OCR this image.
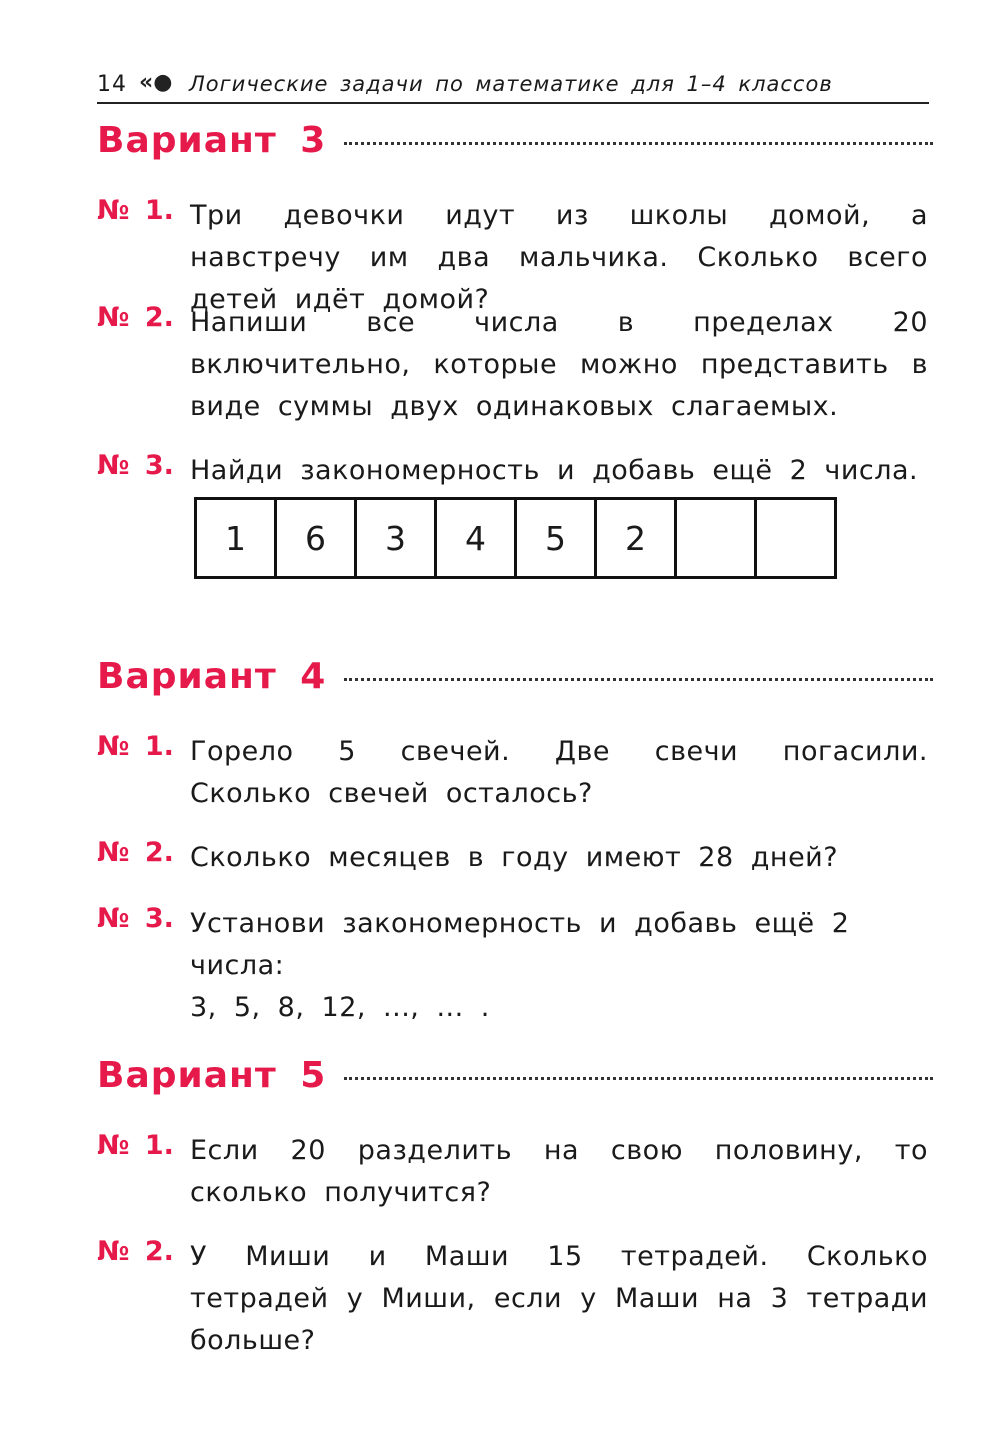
14 «● Логические задачи по математике для 1–4 классов
Вариант 3
№ 1. Три девочки идут из школы домой, а навстречу им два мальчика. Сколько всего детей идёт домой?
№ 2. Напиши все числа в пределах 20 включительно, которые можно представить в виде суммы двух одинаковых слагаемых.
№ 3. Найди закономерность и добавь ещё 2 числа.
1	6	3	4	5	2		
Вариант 4
№ 1. Горело 5 свечей. Две свечи погасили. Сколько свечей осталось?
№ 2. Сколько месяцев в году имеют 28 дней?
№ 3. Установи закономерность и добавь ещё 2 числа:
3, 5, 8, 12, ..., ... .
Вариант 5
№ 1. Если 20 разделить на свою половину, то сколько получится?
№ 2. У Миши и Маши 15 тетрадей. Сколько тетрадей у Миши, если у Маши на 3 тетради больше?
